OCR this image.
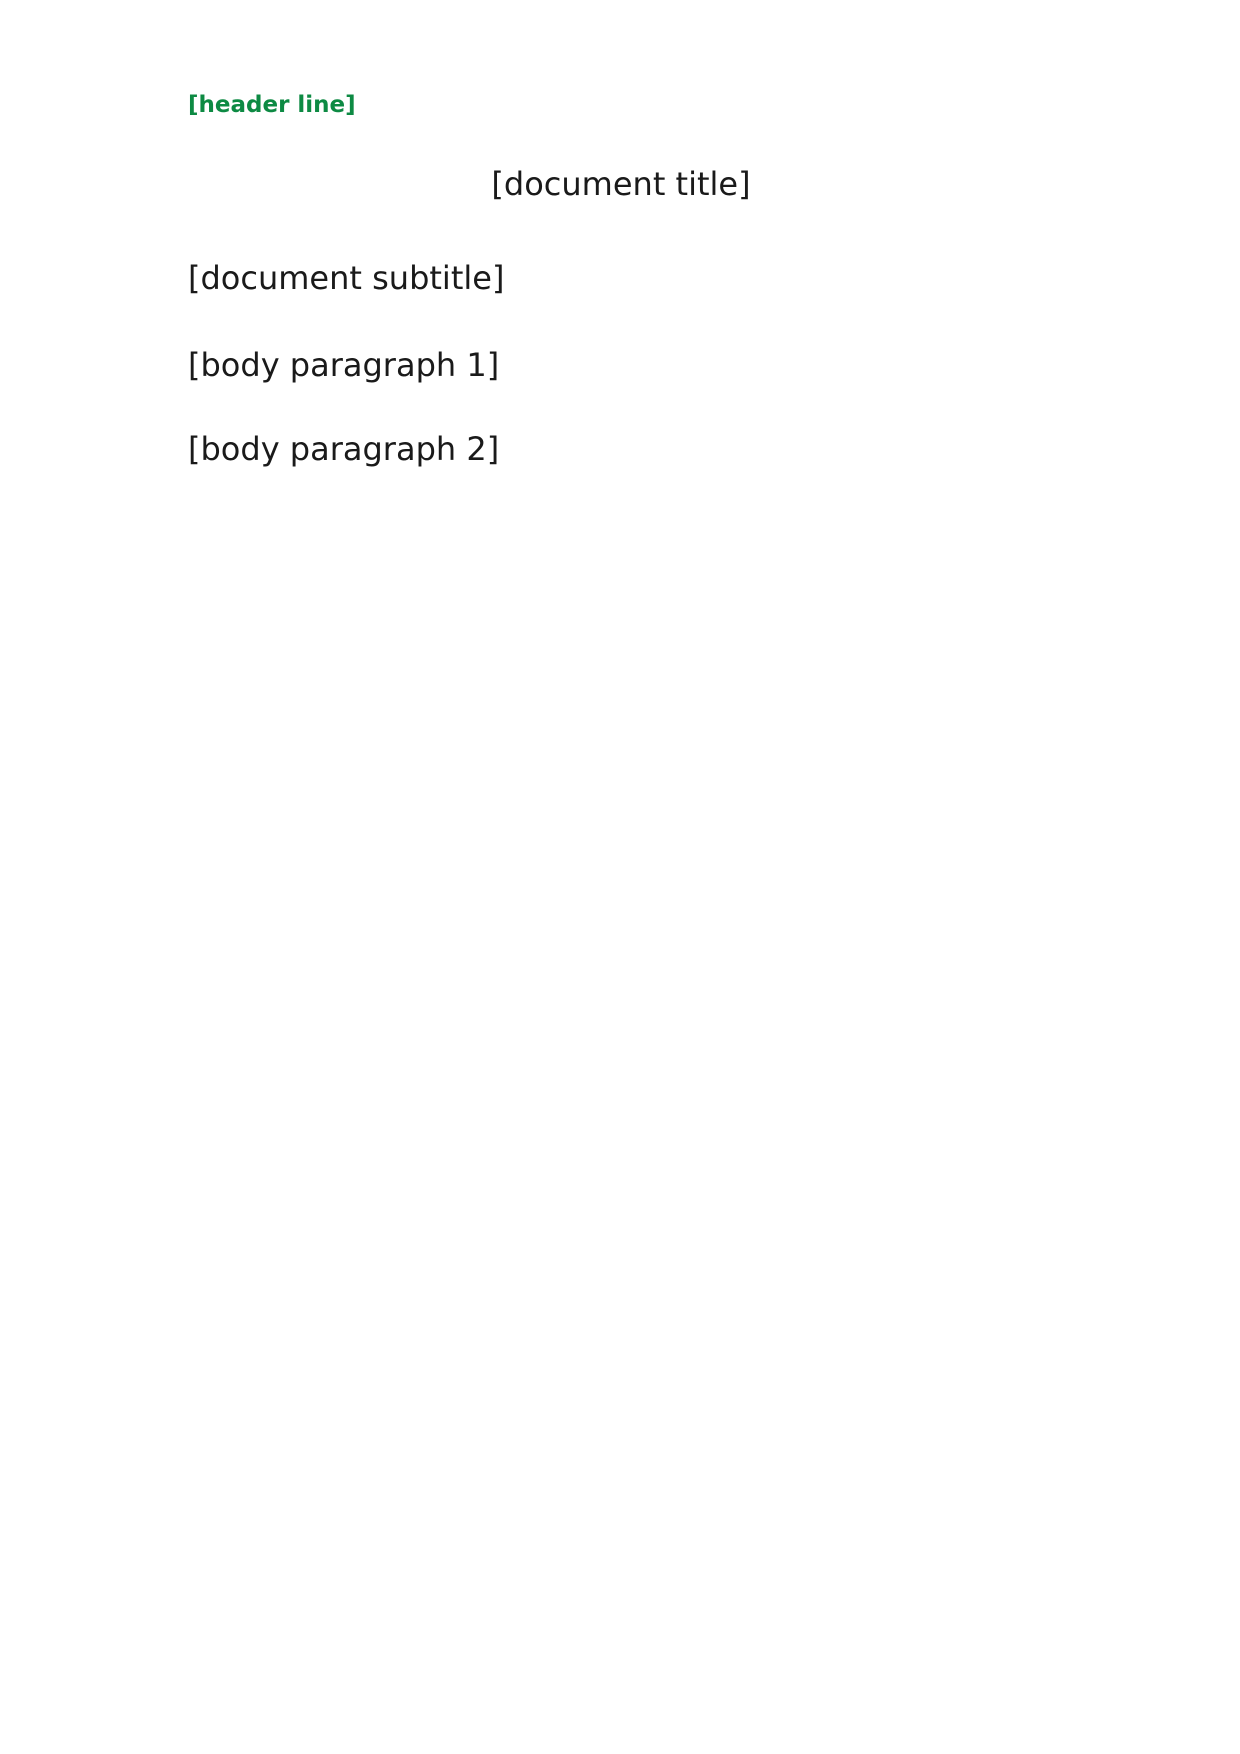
[header line]
[document title]
[document subtitle]

[body paragraph 1]

[body paragraph 2]
